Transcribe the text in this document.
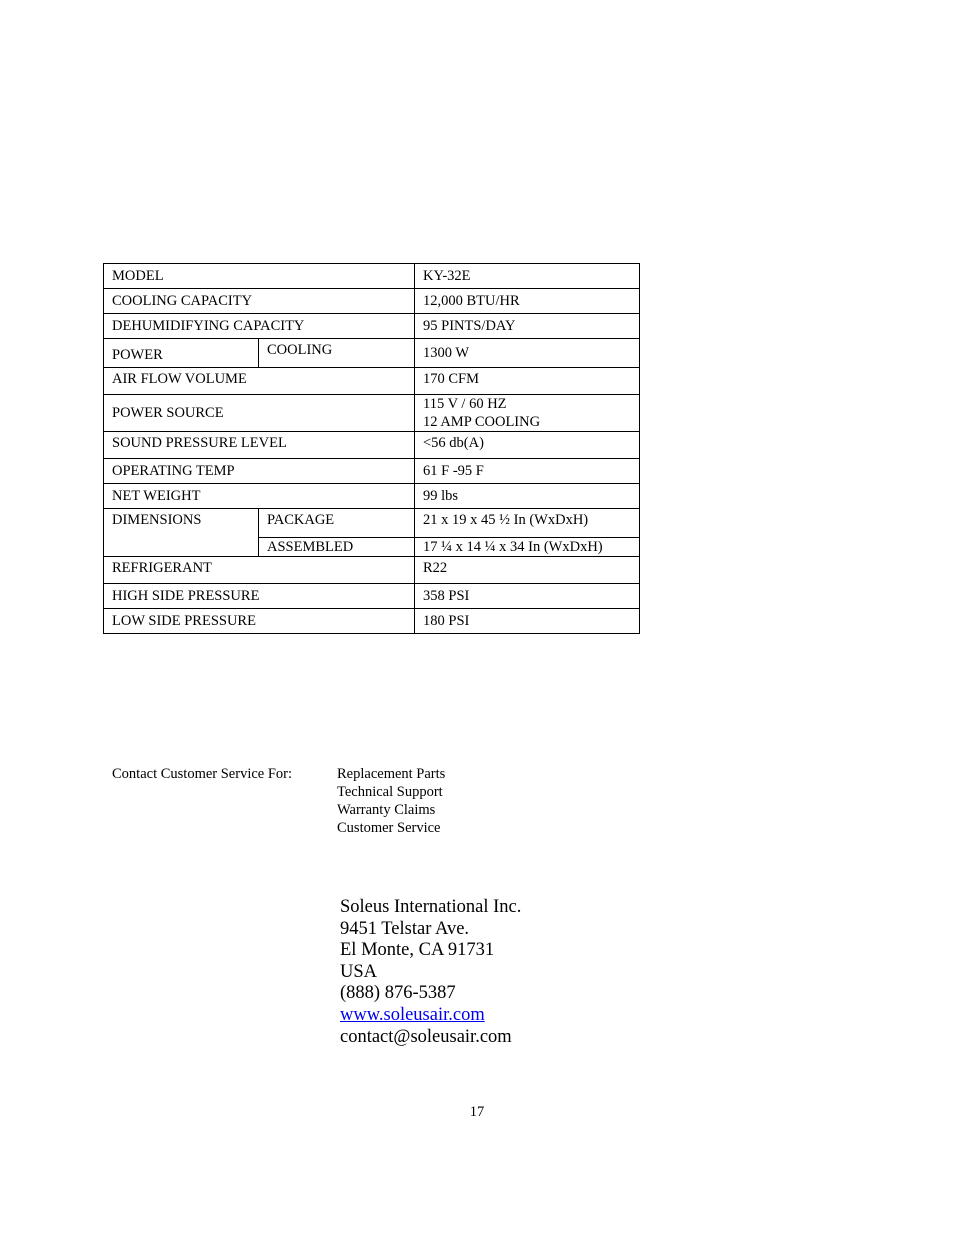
MODEL		KY-32E
COOLING CAPACITY		12,000 BTU/HR
DEHUMIDIFYING CAPACITY		95 PINTS/DAY
POWER	COOLING	1300 W
AIR FLOW VOLUME		170 CFM
POWER SOURCE		115 V / 60 HZ
12 AMP COOLING

SOUND PRESSURE LEVEL		<56 db(A)
OPERATING TEMP		61 F -95 F
NET WEIGHT		99 lbs
DIMENSIONS	PACKAGE	21 x 19 x 45 ½ In (WxDxH)
	ASSEMBLED	17 ¼ x 14 ¼ x 34 In (WxDxH)
REFRIGERANT		R22
HIGH SIDE PRESSURE		358 PSI
LOW SIDE PRESSURE		180 PSI
Contact Customer Service For:	Replacement Parts
Technical Support
Warranty Claims
Customer Service
Soleus International Inc.
9451 Telstar Ave.
El Monte, CA 91731
USA
(888) 876-5387
www.soleusair.com
contact@soleusair.com
17
